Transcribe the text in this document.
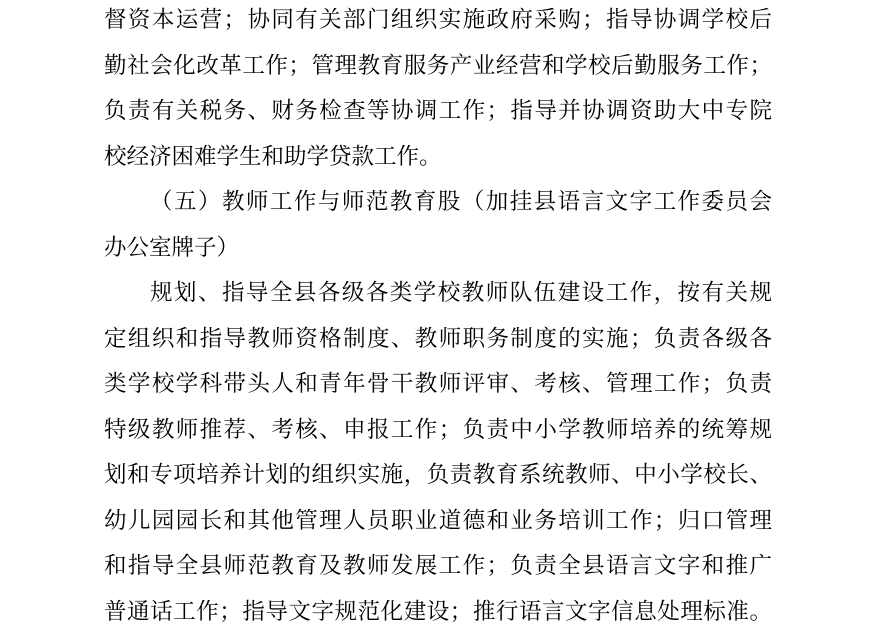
督资本运营；协同有关部门组织实施政府采购；指导协调学校后
勤社会化改革工作；管理教育服务产业经营和学校后勤服务工作；
负责有关税务、财务检查等协调工作；指导并协调资助大中专院
校经济困难学生和助学贷款工作。
（五）教师工作与师范教育股（加挂县语言文字工作委员会
办公室牌子）
规划、指导全县各级各类学校教师队伍建设工作，按有关规
定组织和指导教师资格制度、教师职务制度的实施；负责各级各
类学校学科带头人和青年骨干教师评审、考核、管理工作；负责
特级教师推荐、考核、申报工作；负责中小学教师培养的统筹规
划和专项培养计划的组织实施，负责教育系统教师、中小学校长、
幼儿园园长和其他管理人员职业道德和业务培训工作；归口管理
和指导全县师范教育及教师发展工作；负责全县语言文字和推广
普通话工作；指导文字规范化建设；推行语言文字信息处理标准。
